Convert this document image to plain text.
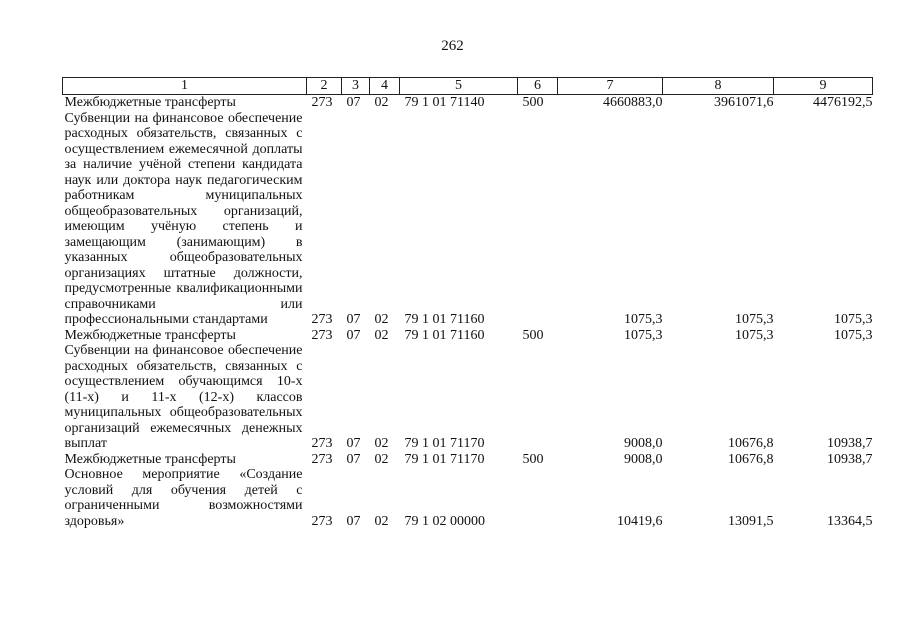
262
1	2	3	4	5	6	7	8	9
Межбюджетные трансферты	273	07	02	79 1 01 71140	500	4660883,0	3961071,6	4476192,5
Субвенции на финансовое обеспечение расходных обязательств, связанных с осуществлением ежемесячной доплаты за наличие учёной степени кандидата наук или доктора наук педагогическим работникам муниципальных общеобразовательных организаций, имеющим учёную степень и замещающим (занимающим) в указанных общеобразовательных организациях штатные должности, предусмотренные квалификационными справочниками или профессиональными стандартами	273	07	02	79 1 01 71160		1075,3	1075,3	1075,3
Межбюджетные трансферты	273	07	02	79 1 01 71160	500	1075,3	1075,3	1075,3
Субвенции на финансовое обеспечение расходных обязательств, связанных с осуществлением обучающимся 10-х (11-х) и 11-х (12-х) классов муниципальных общеобразовательных организаций ежемесячных денежных выплат	273	07	02	79 1 01 71170		9008,0	10676,8	10938,7
Межбюджетные трансферты	273	07	02	79 1 01 71170	500	9008,0	10676,8	10938,7
Основное мероприятие «Создание условий для обучения детей с ограниченными возможностями здоровья»	273	07	02	79 1 02 00000		10419,6	13091,5	13364,5
